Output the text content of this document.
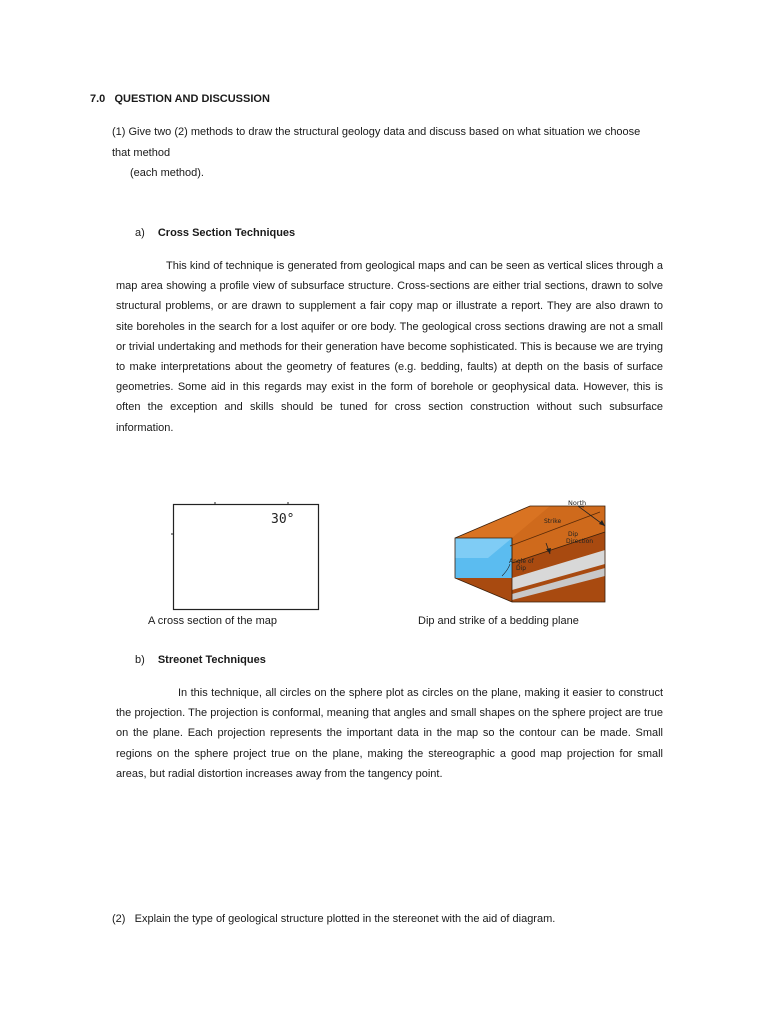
7.0 QUESTION AND DISCUSSION
(1) Give two (2) methods to draw the structural geology data and discuss based on what situation we choose
that method
(each method).
a) Cross Section Techniques

This kind of technique is generated from geological maps and can be seen as vertical slices through a map area showing a profile view of subsurface structure. Cross-sections are either trial sections, drawn to solve structural problems, or are drawn to supplement a fair copy map or illustrate a report. They are also drawn to site boreholes in the search for a lost aquifer or ore body. The geological cross sections drawing are not a small or trivial undertaking and methods for their generation have become sophisticated. This is because we are trying to make interpretations about the geometry of features (e.g. bedding, faults) at depth on the basis of surface geometries. Some aid in this regards may exist in the form of borehole or geophysical data. However, this is often the exception and skills should be tuned for cross section construction without such subsurface information.

30°
A cross section of the map
North
Strike
Dip
Direction
Angle of
Dip
Dip and strike of a bedding plane
b) Streonet Techniques

In this technique, all circles on the sphere plot as circles on the plane, making it easier to construct the projection. The projection is conformal, meaning that angles and small shapes on the sphere project are true on the plane. Each projection represents the important data in the map so the contour can be made. Small regions on the sphere project true on the plane, making the stereographic a good map projection for small areas, but radial distortion increases away from the tangency point.

(2)   Explain the type of geological structure plotted in the stereonet with the aid of diagram.
